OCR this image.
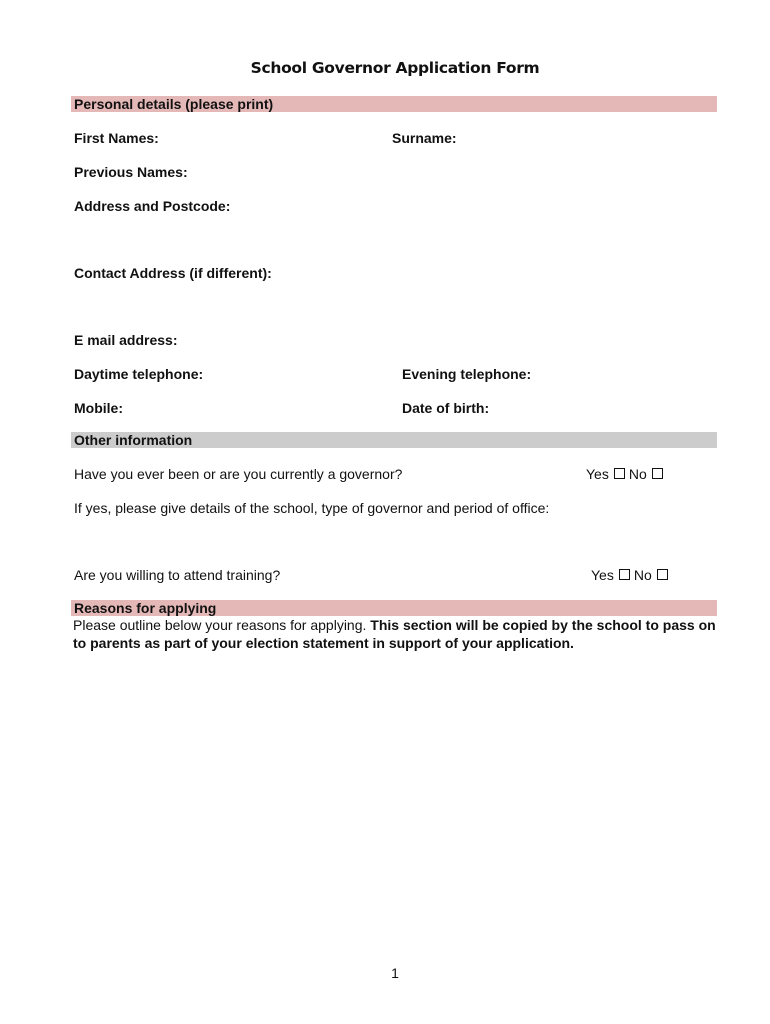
School Governor Application Form
Personal details (please print)
First Names:	Surname:
Previous Names:
Address and Postcode:
Contact Address (if different):
E mail address:
Daytime telephone:	Evening telephone:
Mobile:	Date of birth:
Other information
Have you ever been or are you currently a governor?	Yes No
If yes, please give details of the school, type of governor and period of office:
Are you willing to attend training?	Yes No
Reasons for applying
Please outline below your reasons for applying. This section will be copied by the school to pass on to parents as part of your election statement in support of your application.
1
